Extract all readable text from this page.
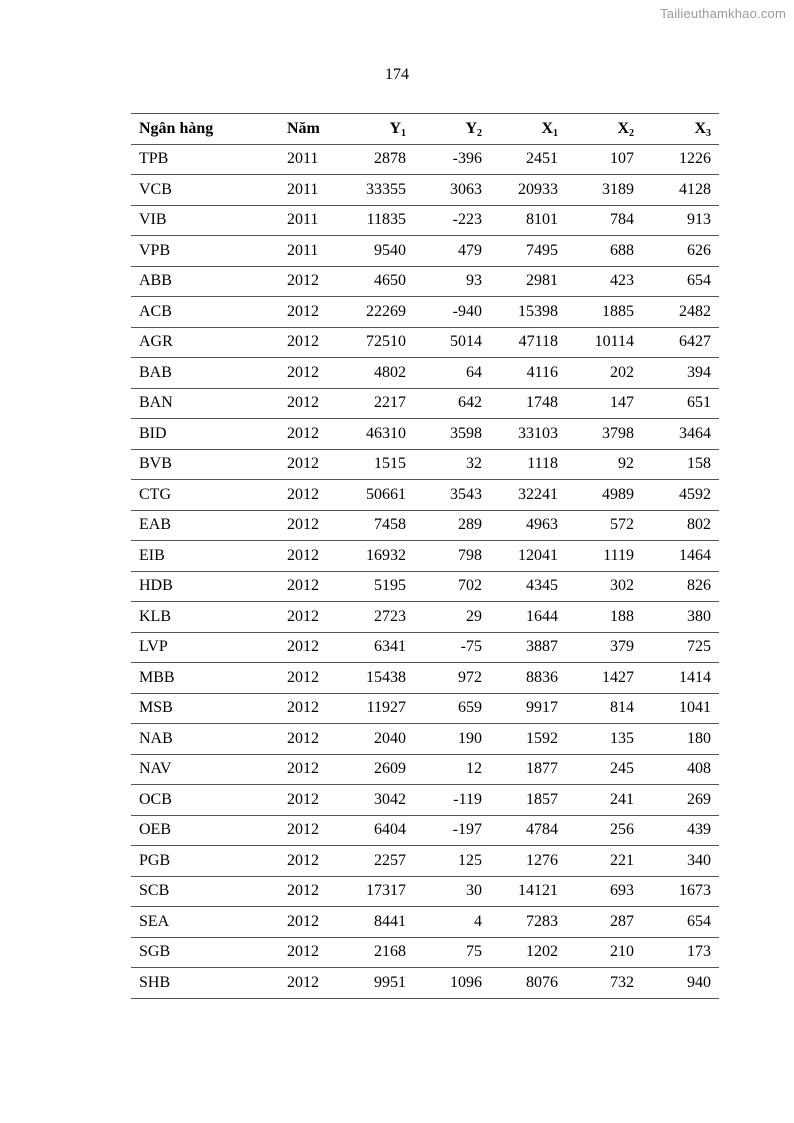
Tailieuthamkhao.com
174
Ngân hàng	Năm	$Y_1$	$Y_2$	$X_1$	$X_2$	$X_3$
TPB	2011	2878	-396	2451	107	1226
VCB	2011	33355	3063	20933	3189	4128
VIB	2011	11835	-223	8101	784	913
VPB	2011	9540	479	7495	688	626
ABB	2012	4650	93	2981	423	654
ACB	2012	22269	-940	15398	1885	2482
AGR	2012	72510	5014	47118	10114	6427
BAB	2012	4802	64	4116	202	394
BAN	2012	2217	642	1748	147	651
BID	2012	46310	3598	33103	3798	3464
BVB	2012	1515	32	1118	92	158
CTG	2012	50661	3543	32241	4989	4592
EAB	2012	7458	289	4963	572	802
EIB	2012	16932	798	12041	1119	1464
HDB	2012	5195	702	4345	302	826
KLB	2012	2723	29	1644	188	380
LVP	2012	6341	-75	3887	379	725
MBB	2012	15438	972	8836	1427	1414
MSB	2012	11927	659	9917	814	1041
NAB	2012	2040	190	1592	135	180
NAV	2012	2609	12	1877	245	408
OCB	2012	3042	-119	1857	241	269
OEB	2012	6404	-197	4784	256	439
PGB	2012	2257	125	1276	221	340
SCB	2012	17317	30	14121	693	1673
SEA	2012	8441	4	7283	287	654
SGB	2012	2168	75	1202	210	173
SHB	2012	9951	1096	8076	732	940
